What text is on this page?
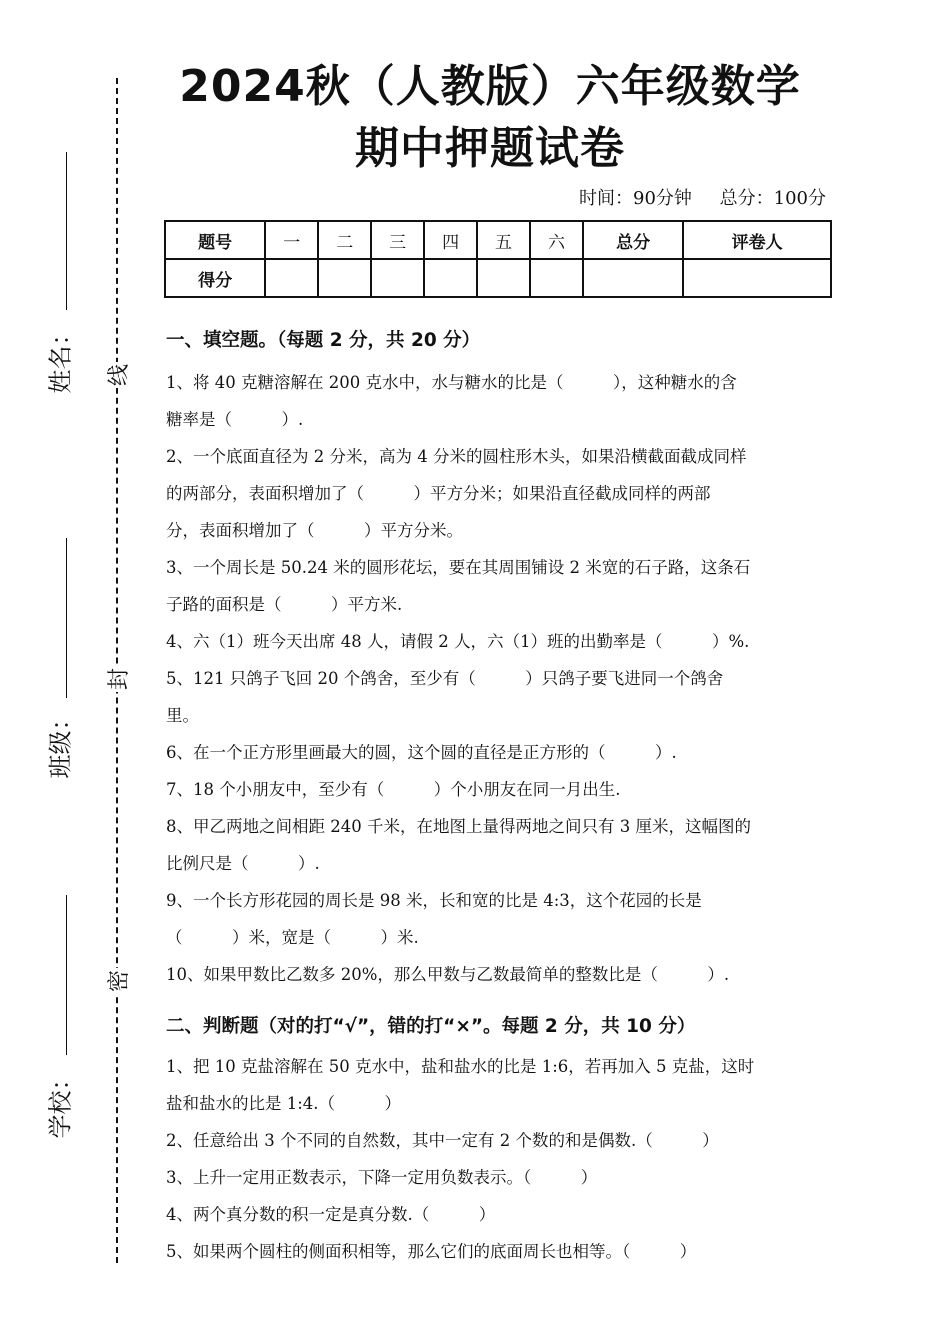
姓名：
班级：
学校：
线
封
密
2024秋（人教版）六年级数学
期中押题试卷
时间：90分钟 总分：100分
题号	一	二	三	四	五	六	总分	评卷人
得分								
一、填空题。（每题 2 分，共 20 分）
1、将 40 克糖溶解在 200 克水中，水与糖水的比是（　　　），这种糖水的含
糖率是（　　　）.
2、一个底面直径为 2 分米，高为 4 分米的圆柱形木头，如果沿横截面截成同样
的两部分，表面积增加了（　　　）平方分米；如果沿直径截成同样的两部
分，表面积增加了（　　　）平方分米。
3、一个周长是 50.24 米的圆形花坛，要在其周围铺设 2 米宽的石子路，这条石
子路的面积是（　　　）平方米.
4、六（1）班今天出席 48 人，请假 2 人，六（1）班的出勤率是（　　　）%.
5、121 只鸽子飞回 20 个鸽舍，至少有（　　　）只鸽子要飞进同一个鸽舍
里。
6、在一个正方形里画最大的圆，这个圆的直径是正方形的（　　　）.
7、18 个小朋友中，至少有（　　　）个小朋友在同一月出生.
8、甲乙两地之间相距 240 千米，在地图上量得两地之间只有 3 厘米，这幅图的
比例尺是（　　　）.
9、一个长方形花园的周长是 98 米，长和宽的比是 4:3，这个花园的长是
（　　　）米，宽是（　　　）米.
10、如果甲数比乙数多 20%，那么甲数与乙数最简单的整数比是（　　　）.
二、判断题（对的打“√”，错的打“×”。每题 2 分，共 10 分）
1、把 10 克盐溶解在 50 克水中，盐和盐水的比是 1:6，若再加入 5 克盐，这时
盐和盐水的比是 1:4.（　　　）
2、任意给出 3 个不同的自然数，其中一定有 2 个数的和是偶数.（　　　）
3、上升一定用正数表示，下降一定用负数表示。（　　　）
4、两个真分数的积一定是真分数.（　　　）
5、如果两个圆柱的侧面积相等，那么它们的底面周长也相等。（　　　）
